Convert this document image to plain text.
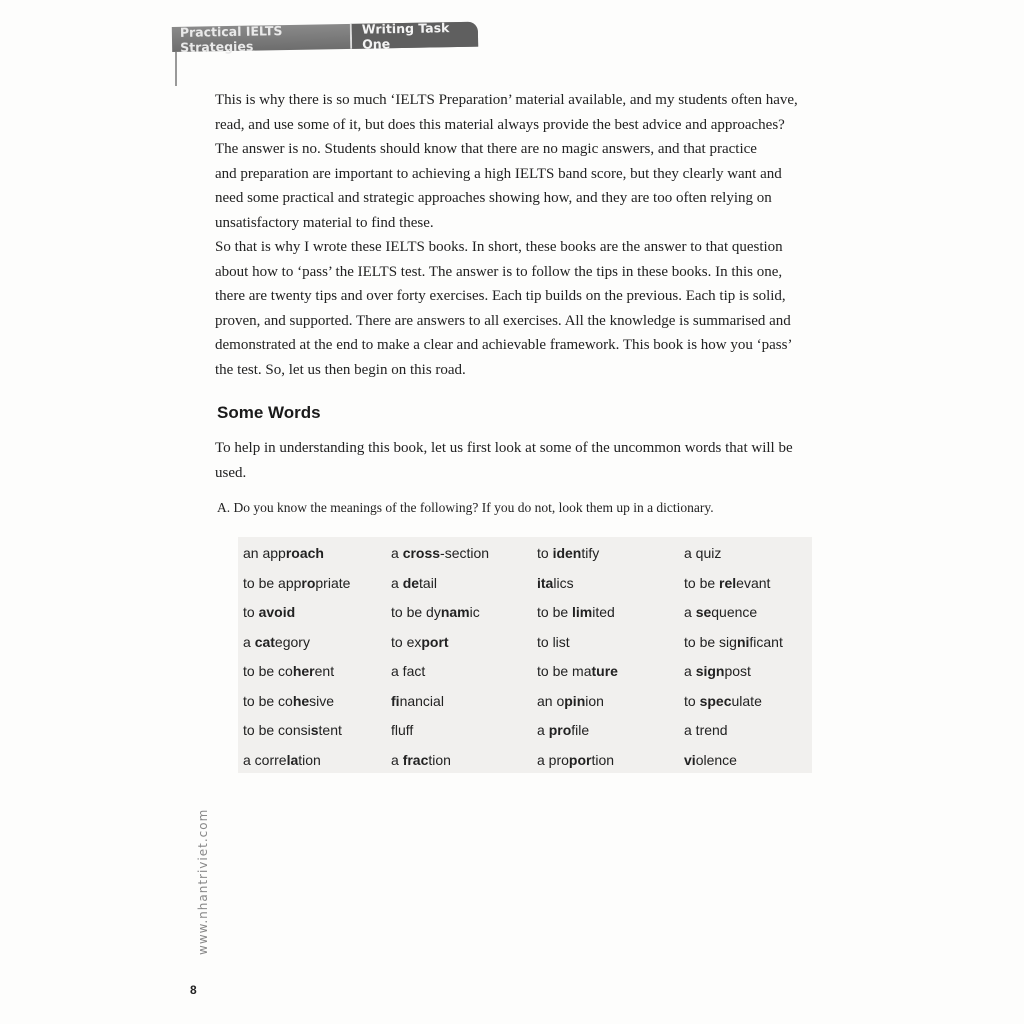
Practical IELTS Strategies
Writing Task One
This is why there is so much ‘IELTS Preparation’ material available, and my students often have,
read, and use some of it, but does this material always provide the best advice and approaches?
The answer is no. Students should know that there are no magic answers, and that practice
and preparation are important to achieving a high IELTS band score, but they clearly want and
need some practical and strategic approaches showing how, and they are too often relying on
unsatisfactory material to find these.
So that is why I wrote these IELTS books. In short, these books are the answer to that question
about how to ‘pass’ the IELTS test. The answer is to follow the tips in these books. In this one,
there are twenty tips and over forty exercises. Each tip builds on the previous. Each tip is solid,
proven, and supported. There are answers to all exercises. All the knowledge is summarised and
demonstrated at the end to make a clear and achievable framework. This book is how you ‘pass’
the test. So, let us then begin on this road.
Some Words
To help in understanding this book, let us first look at some of the uncommon words that will be
used.
A. Do you know the meanings of the following? If you do not, look them up in a dictionary.
an approach	a cross-section	to identify	a quiz
to be appropriate	a detail	italics	to be relevant
to avoid	to be dynamic	to be limited	a sequence
a category	to export	to list	to be significant
to be coherent	a fact	to be mature	a signpost
to be cohesive	financial	an opinion	to speculate
to be consistent	fluff	a profile	a trend
a correlation	a fraction	a proportion	violence
www.nhantriviet.com
8
